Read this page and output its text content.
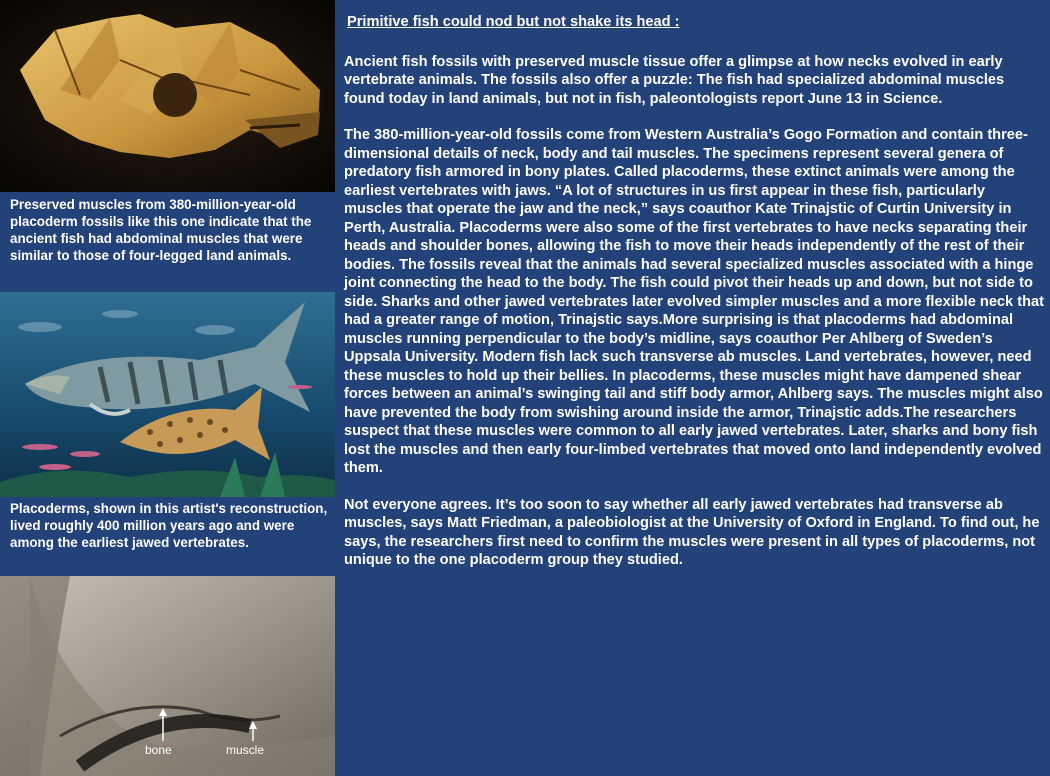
Preserved muscles from 380-million-year-old placoderm fossils like this one indicate that the ancient fish had abdominal muscles that were similar to those of four-legged land animals.
Placoderms, shown in this artist's reconstruction, lived roughly 400 million years ago and were among the earliest jawed vertebrates.
bone	muscle
Primitive fish could nod but not shake its head :
Ancient fish fossils with preserved muscle tissue offer a glimpse at how necks evolved in early vertebrate animals. The fossils also offer a puzzle: The fish had specialized abdominal muscles found today in land animals, but not in fish, paleontologists report June 13 in Science.
The 380-million-year-old fossils come from Western Australia’s Gogo Formation and contain three-dimensional details of neck, body and tail muscles. The specimens represent several genera of predatory fish armored in bony plates. Called placoderms, these extinct animals were among the earliest vertebrates with jaws. “A lot of structures in us first appear in these fish, particularly muscles that operate the jaw and the neck,” says coauthor Kate Trinajstic of Curtin University in Perth, Australia. Placoderms were also some of the first vertebrates to have necks separating their heads and shoulder bones, allowing the fish to move their heads independently of the rest of their bodies. The fossils reveal that the animals had several specialized muscles associated with a hinge joint connecting the head to the body. The fish could pivot their heads up and down, but not side to side. Sharks and other jawed vertebrates later evolved simpler muscles and a more flexible neck that had a greater range of motion, Trinajstic says.More surprising is that placoderms had abdominal muscles running perpendicular to the body’s midline, says coauthor Per Ahlberg of Sweden’s Uppsala University. Modern fish lack such transverse ab muscles. Land vertebrates, however, need these muscles to hold up their bellies. In placoderms, these muscles might have dampened shear forces between an animal’s swinging tail and stiff body armor, Ahlberg says. The muscles might also have prevented the body from swishing around inside the armor, Trinajstic adds.The researchers suspect that these muscles were common to all early jawed vertebrates. Later, sharks and bony fish lost the muscles and then early four-limbed vertebrates that moved onto land independently evolved them.
Not everyone agrees. It’s too soon to say whether all early jawed vertebrates had transverse ab muscles, says Matt Friedman, a paleobiologist at the University of Oxford in England. To find out, he says, the researchers first need to confirm the muscles were present in all types of placoderms, not unique to the one placoderm group they studied.
